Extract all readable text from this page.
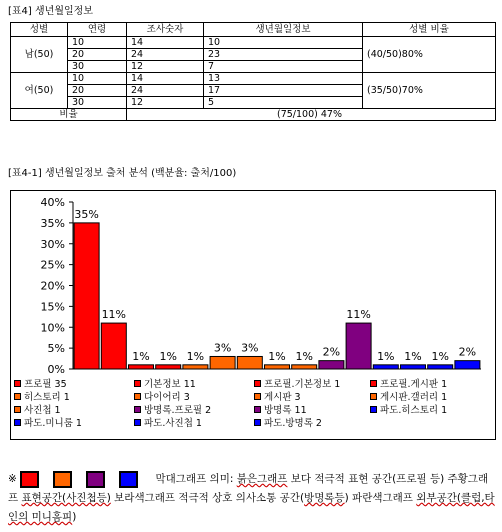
[표4] 생년월일정보
성별	연령	조사숫자	생년월일정보	성별 비율
남(50)	10	14	10	(40/50)80%
	20	24	23	
	30	12	7	
여(50)	10	14	13	(35/50)70%
	20	24	17	
	30	12	5	
비율		(75/100) 47%		
[표4-1] 생년월일정보 출처 분석 (백분율: 출처/100)
0%
5%
10%
15%
20%
25%
30%
35%
40%
35%
11%
1% 1% 1%
3% 3%
1% 1% 2%
11%
1% 1% 1% 2%
프로필 35	기본정보 11	프로필.기본정보 1	프로필.게시판 1
히스토리 1	다이어리 3	게시판 3	게시판.갤러리 1
사진첩 1	방명록.프로필 2	방명록 11	파도.히스토리 1
파도.미니룸 1	파도.사진첩 1	파도.방명록 2
※	막대그래프 의미: 붉은그래프 보다 적극적 표현 공간(프로필 등) 주황그래프 표현공간(사진첩등) 보라색그래프 적극적 상호 의사소통 공간(방명록등) 파란색그래프 외부공간(클럽,타인의 미니홈피)
